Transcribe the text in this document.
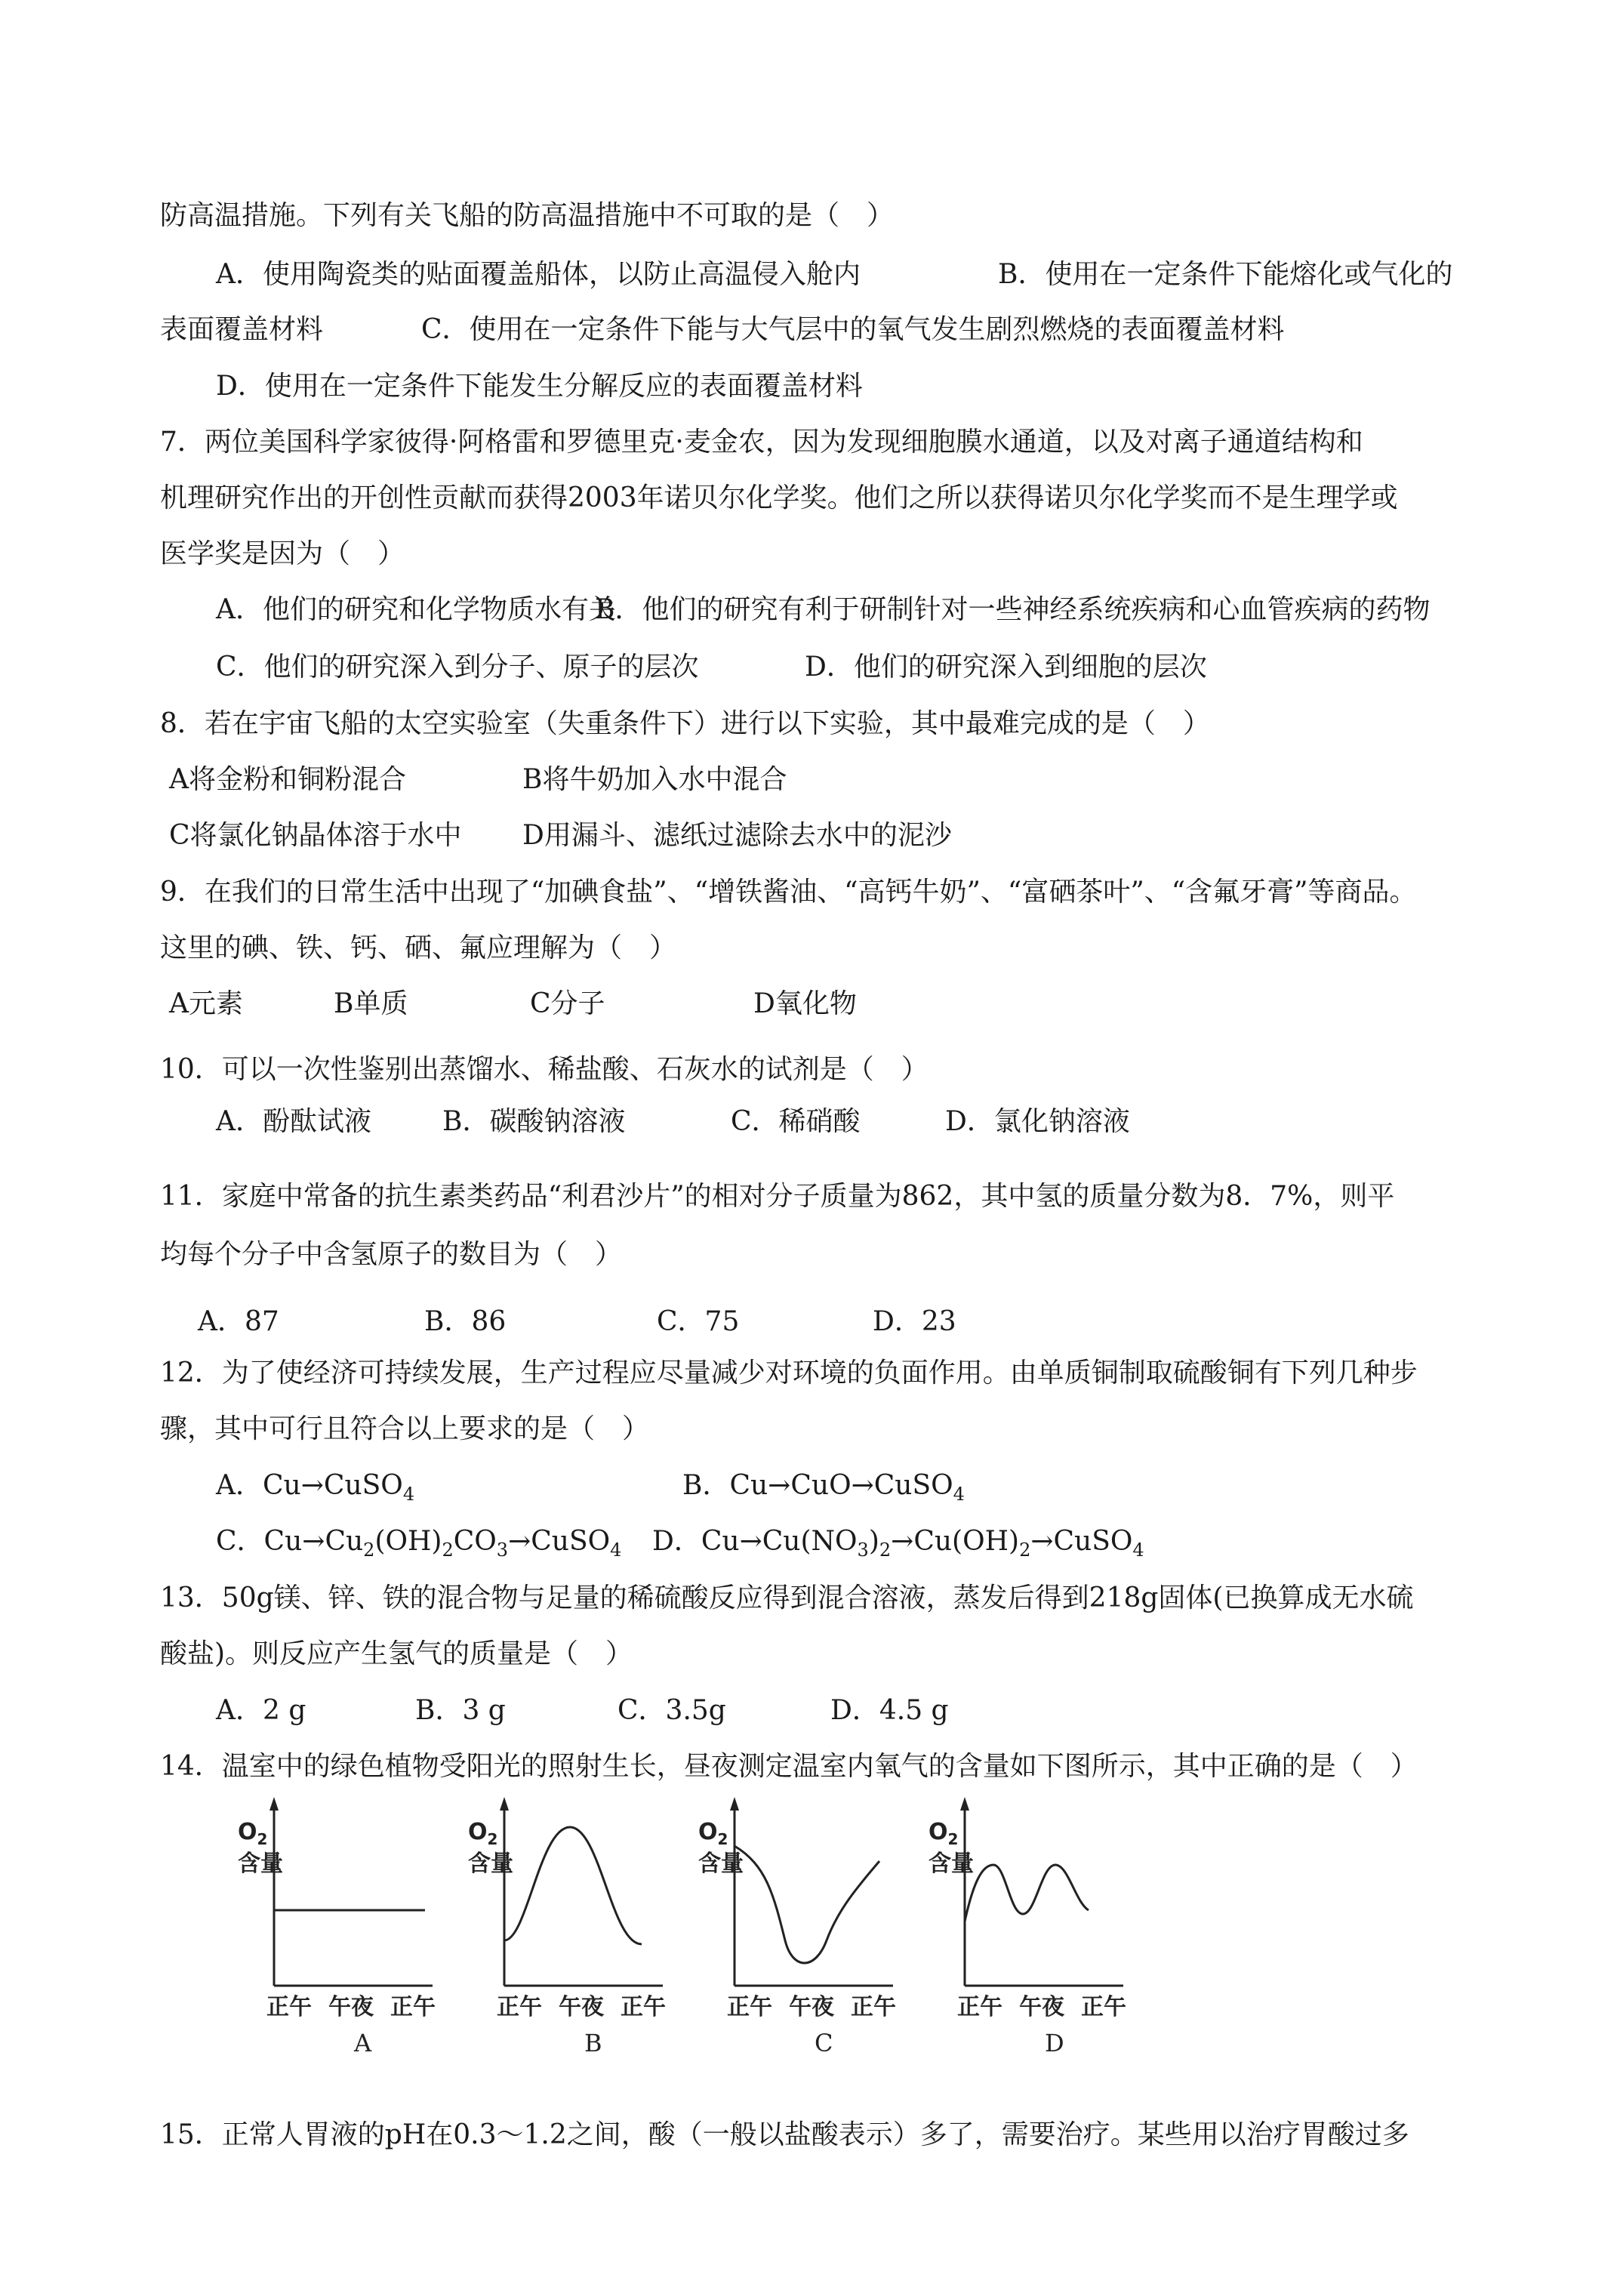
防高温措施。下列有关飞船的防高温措施中不可取的是（　）
A．使用陶瓷类的贴面覆盖船体，以防止高温侵入舱内	B．使用在一定条件下能熔化或气化的
表面覆盖材料	C．使用在一定条件下能与大气层中的氧气发生剧烈燃烧的表面覆盖材料
D．使用在一定条件下能发生分解反应的表面覆盖材料
7．两位美国科学家彼得·阿格雷和罗德里克·麦金农，因为发现细胞膜水通道，以及对离子通道结构和
机理研究作出的开创性贡献而获得2003年诺贝尔化学奖。他们之所以获得诺贝尔化学奖而不是生理学或
医学奖是因为（　）
A．他们的研究和化学物质水有关
B．他们的研究有利于研制针对一些神经系统疾病和心血管疾病的药物
C．他们的研究深入到分子、原子的层次	D．他们的研究深入到细胞的层次
8．若在宇宙飞船的太空实验室（失重条件下）进行以下实验，其中最难完成的是（　）
A将金粉和铜粉混合	B将牛奶加入水中混合
C将氯化钠晶体溶于水中 D用漏斗、滤纸过滤除去水中的泥沙
9．在我们的日常生活中出现了“加碘食盐”、“增铁酱油、“高钙牛奶”、“富硒茶叶”、“含氟牙膏”等商品。
这里的碘、铁、钙、硒、氟应理解为（　）
A元素	B单质	C分子	D氧化物
10．可以一次性鉴别出蒸馏水、稀盐酸、石灰水的试剂是（　）
A．酚酞试液	B．碳酸钠溶液	C．稀硝酸	D．氯化钠溶液
11．家庭中常备的抗生素类药品“利君沙片”的相对分子质量为862，其中氢的质量分数为8．7%，则平
均每个分子中含氢原子的数目为（　）
A．87	B．86	C．75	D．23
12．为了使经济可持续发展，生产过程应尽量减少对环境的负面作用。由单质铜制取硫酸铜有下列几种步
骤，其中可行且符合以上要求的是（　）
A．Cu→CuSO$_4$	B．Cu→CuO→CuSO$_4$
C．$Cu\to Cu_2(OH)_2CO_3\to CuSO_4$ D．$Cu\to Cu(NO_3)_2\to Cu(OH)_2\to CuSO_4$
13．50g镁、锌、铁的混合物与足量的稀硫酸反应得到混合溶液，蒸发后得到218g固体(已换算成无水硫
酸盐)。则反应产生氢气的质量是（　）
A．2 g	B．3 g	C．3.5g	D．4.5 g
14．温室中的绿色植物受阳光的照射生长，昼夜测定温室内氧气的含量如下图所示，其中正确的是（　）
$O_2$
含量
正午 午夜 正午
A
$O_2$
含量
正午 午夜 正午
B
$O_2$
含量
正午 午夜 正午
C
$O_2$
含量
正午 午夜 正午
D
15．正常人胃液的pH在0.3～1.2之间，酸（一般以盐酸表示）多了，需要治疗。某些用以治疗胃酸过多
